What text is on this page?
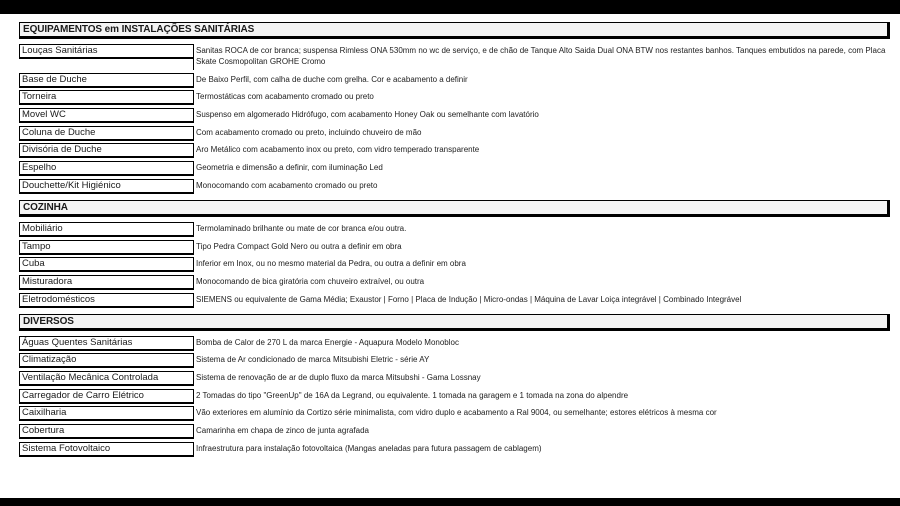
EQUIPAMENTOS em INSTALAÇÕES SANITÁRIAS
Louças Sanitárias	Sanitas ROCA de cor branca; suspensa Rimless ONA 530mm no wc de serviço, e de chão de Tanque Alto Saida Dual ONA BTW nos restantes banhos. Tanques embutidos na parede, com Placa Skate Cosmopolitan GROHE Cromo
Base de Duche	De Baixo Perfil, com calha de duche com grelha. Cor e acabamento a definir
Torneira	Termostáticas com acabamento cromado ou preto
Movel WC	Suspenso em algomerado Hidrófugo, com acabamento Honey Oak ou semelhante com lavatório
Coluna de Duche	Com acabamento cromado ou preto, incluindo chuveiro de mão
Divisória de Duche	Aro Metálico com acabamento inox ou preto, com vidro temperado transparente
Espelho	Geometria e dimensão a definir, com iluminação Led
Douchette/Kit Higiénico	Monocomando com acabamento cromado ou preto
COZINHA
Mobiliário	Termolaminado brilhante ou mate de cor branca e/ou outra.
Tampo	Tipo Pedra Compact Gold Nero ou outra a definir em obra
Cuba	Inferior em Inox, ou no mesmo material da Pedra, ou outra a definir em obra
Misturadora	Monocomando de bica giratória com chuveiro extraível, ou outra
Eletrodomésticos	SIEMENS ou equivalente de Gama Média; Exaustor | Forno | Placa de Indução | Micro-ondas | Máquina de Lavar Loiça integrável | Combinado Integrável
DIVERSOS
Águas Quentes Sanitárias	Bomba de Calor de 270 L da marca Energie - Aquapura Modelo Monobloc
Climatização	Sistema de Ar condicionado de marca Mitsubishi Eletric - série AY
Ventilação Mecânica Controlada	Sistema de renovação de ar de duplo fluxo da marca Mitsubshi - Gama Lossnay
Carregador de Carro Elétrico	2 Tomadas do tipo "GreenUp" de 16A da Legrand, ou equivalente. 1 tomada na garagem e 1 tomada na zona do alpendre
Caixilharia	Vão exteriores em alumínio da Cortizo série minimalista, com vidro duplo e acabamento a Ral 9004, ou semelhante; estores elétricos à mesma cor
Cobertura	Camarinha em chapa de zinco de junta agrafada
Sistema Fotovoltaico	Infraestrutura para instalação fotovoltaica (Mangas aneladas para futura passagem de cablagem)
